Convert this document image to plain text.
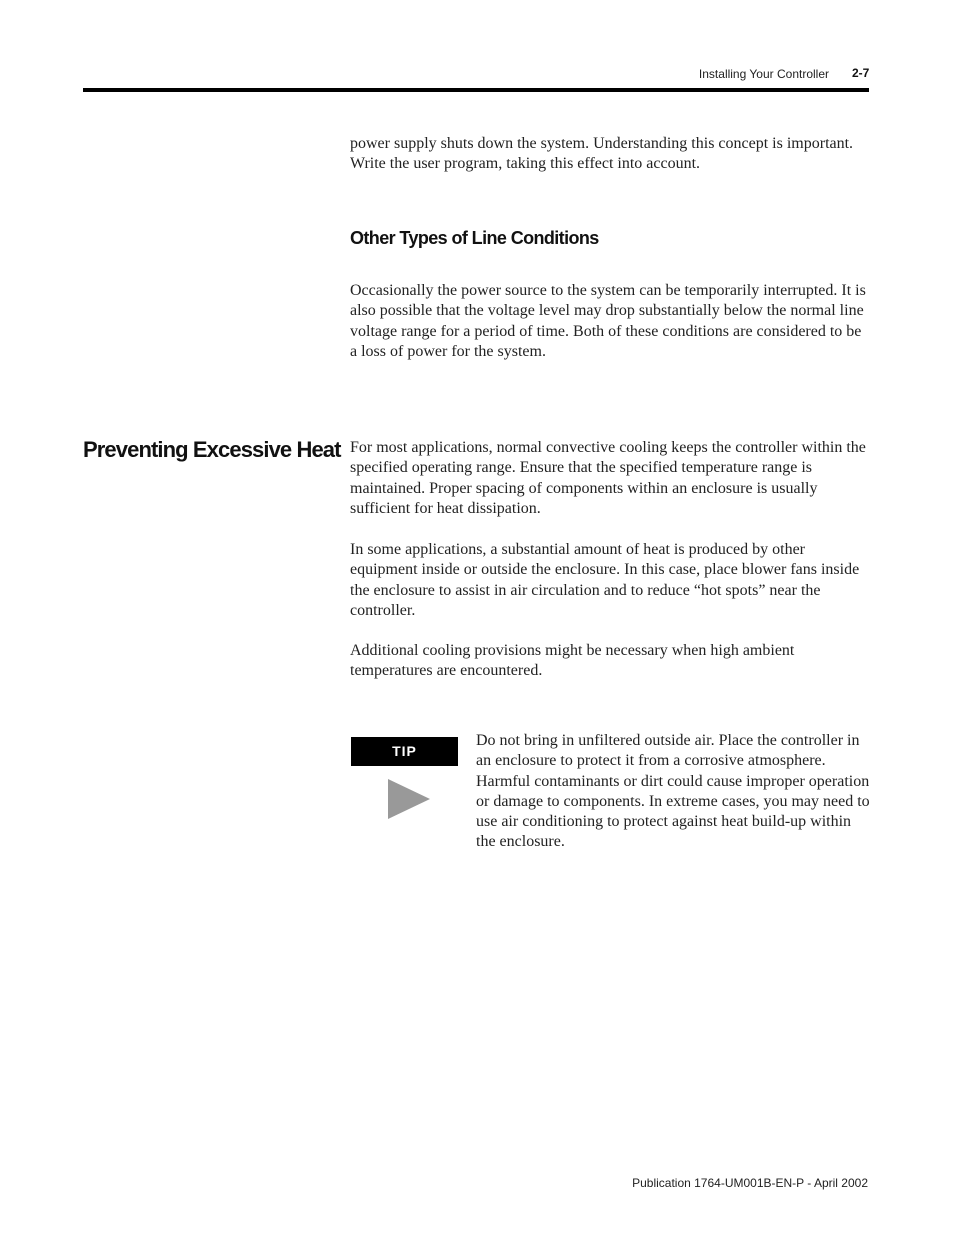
Installing Your Controller 2-7

power supply shuts down the system. Understanding this concept is important. Write the user program, taking this effect into account.

Other Types of Line Conditions

Occasionally the power source to the system can be temporarily interrupted. It is also possible that the voltage level may drop substantially below the normal line voltage range for a period of time. Both of these conditions are considered to be a loss of power for the system.

Preventing Excessive Heat For most applications, normal convective cooling keeps the controller within the specified operating range. Ensure that the specified temperature range is maintained. Proper spacing of components within an enclosure is usually sufficient for heat dissipation.

In some applications, a substantial amount of heat is produced by other equipment inside or outside the enclosure. In this case, place blower fans inside the enclosure to assist in air circulation and to reduce “hot spots” near the controller.

Additional cooling provisions might be necessary when high ambient temperatures are encountered.

TIP

Do not bring in unfiltered outside air. Place the controller in an enclosure to protect it from a corrosive atmosphere. Harmful contaminants or dirt could cause improper operation or damage to components. In extreme cases, you may need to use air conditioning to protect against heat build-up within the enclosure.

Publication 1764-UM001B-EN-P - April 2002
